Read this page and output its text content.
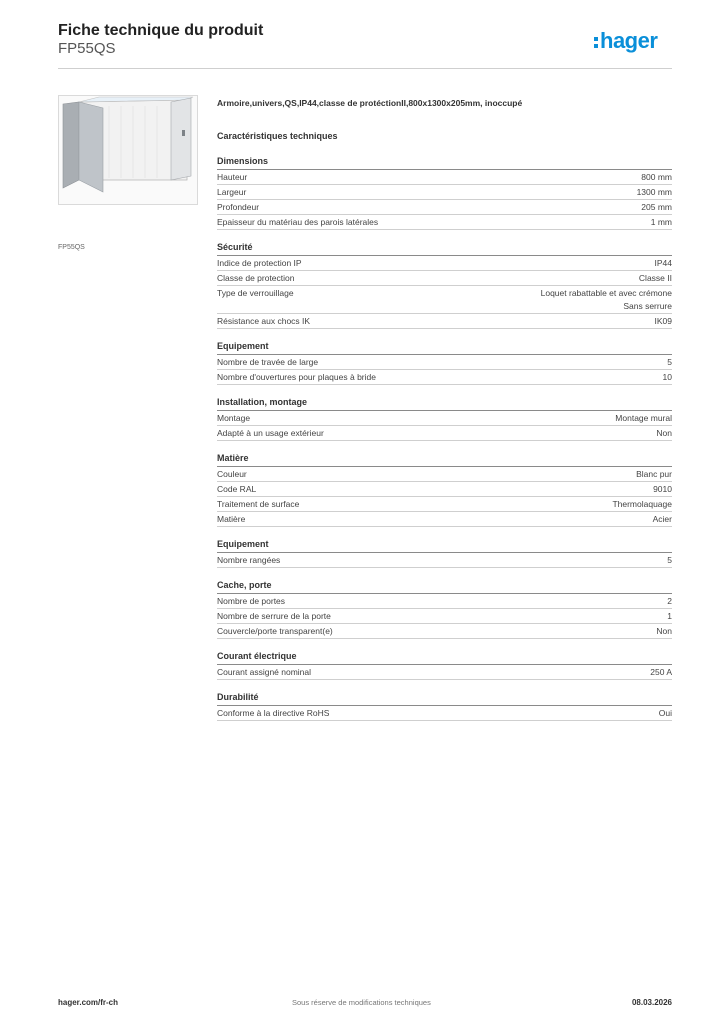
Fiche technique du produit
FP55QS	hager
FP55QS
Armoire,univers,QS,IP44,classe de protéctionII,800x1300x205mm, inoccupé
Caractéristiques techniques
Dimensions
Hauteur	800 mm
Largeur	1300 mm
Profondeur	205 mm
Epaisseur du matériau des parois latérales	1 mm
Sécurité
Indice de protection IP	IP44
Classe de protection	Classe II
Type de verrouillage	Loquet rabattable et avec crémone
Sans serrure
Résistance aux chocs IK	IK09
Equipement
Nombre de travée de large	5
Nombre d'ouvertures pour plaques à bride	10
Installation, montage
Montage	Montage mural
Adapté à un usage extérieur	Non
Matière
Couleur	Blanc pur
Code RAL	9010
Traitement de surface	Thermolaquage
Matière	Acier
Equipement
Nombre rangées	5
Cache, porte
Nombre de portes	2
Nombre de serrure de la porte	1
Couvercle/porte transparent(e)	Non
Courant électrique
Courant assigné nominal	250 A
Durabilité
Conforme à la directive RoHS	Oui
hager.com/fr-ch	Sous réserve de modifications techniques	08.03.2026
